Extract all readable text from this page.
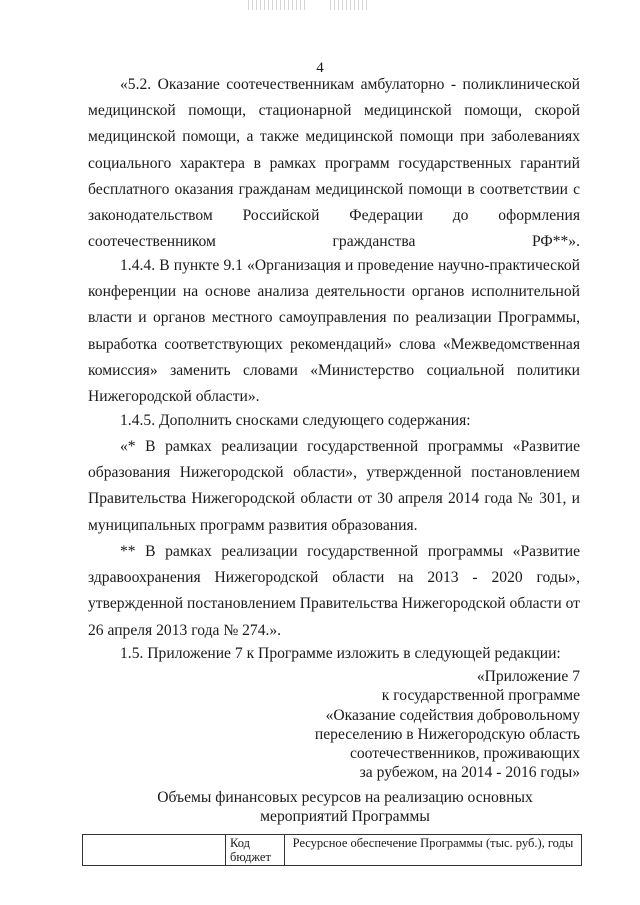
4

«5.2. Оказание соотечественникам амбулаторно - поликлинической медицинской помощи, стационарной медицинской помощи, скорой медицинской помощи, а также медицинской помощи при заболеваниях социального характера в рамках программ государственных гарантий бесплатного оказания гражданам медицинской помощи в соответствии с законодательством Российской Федерации до оформления соотечественником гражданства РФ**».

1.4.4. В пункте 9.1 «Организация и проведение научно-практической конференции на основе анализа деятельности органов исполнительной власти и органов местного самоуправления по реализации Программы, выработка соответствующих рекомендаций» слова «Межведомственная комиссия» заменить словами «Министерство социальной политики Нижегородской области».

1.4.5. Дополнить сносками следующего содержания:

«* В рамках реализации государственной программы «Развитие образования Нижегородской области», утвержденной постановлением Правительства Нижегородской области от 30 апреля 2014 года № 301, и муниципальных программ развития образования.

** В рамках реализации государственной программы «Развитие здравоохранения Нижегородской области на 2013 - 2020 годы», утвержденной постановлением Правительства Нижегородской области от 26 апреля 2013 года № 274.».

1.5. Приложение 7 к Программе изложить в следующей редакции:

«Приложение 7
к государственной программе
«Оказание содействия добровольному
переселению в Нижегородскую область
соотечественников, проживающих
за рубежом, на 2014 - 2016 годы»
Объемы финансовых ресурсов на реализацию основных мероприятий Программы
	Код бюджет	Ресурсное обеспечение Программы (тыс. руб.), годы
